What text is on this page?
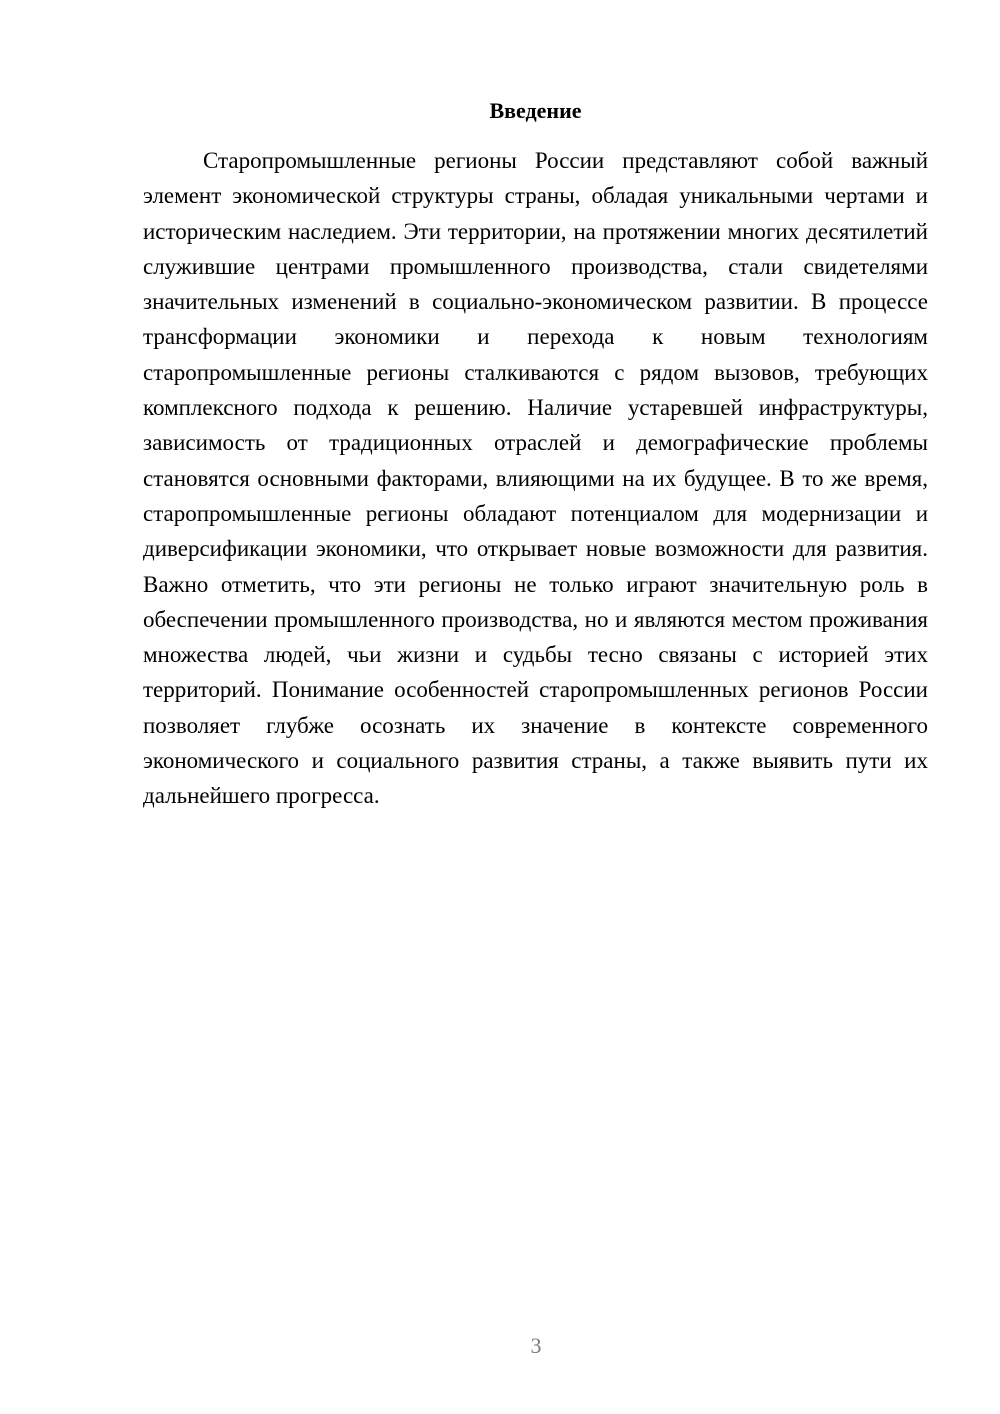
Введение

Старопромышленные регионы России представляют собой важный элемент экономической структуры страны, обладая уникальными чертами и историческим наследием. Эти территории, на протяжении многих десятилетий служившие центрами промышленного производства, стали свидетелями значительных изменений в социально-экономическом развитии. В процессе трансформации экономики и перехода к новым технологиям старопромышленные регионы сталкиваются с рядом вызовов, требующих комплексного подхода к решению. Наличие устаревшей инфраструктуры, зависимость от традиционных отраслей и демографические проблемы становятся основными факторами, влияющими на их будущее. В то же время, старопромышленные регионы обладают потенциалом для модернизации и диверсификации экономики, что открывает новые возможности для развития. Важно отметить, что эти регионы не только играют значительную роль в обеспечении промышленного производства, но и являются местом проживания множества людей, чьи жизни и судьбы тесно связаны с историей этих территорий. Понимание особенностей старопромышленных регионов России позволяет глубже осознать их значение в контексте современного экономического и социального развития страны, а также выявить пути их дальнейшего прогресса.

3
